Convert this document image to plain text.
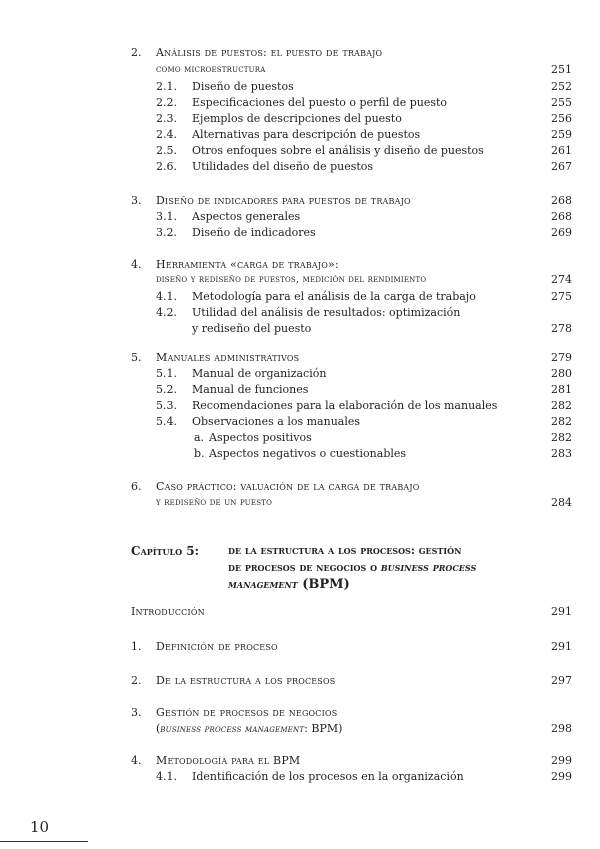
2. Análisis de puestos: el puesto de trabajo
como microestructura	251
2.1. Diseño de puestos	252
2.2. Especificaciones del puesto o perfil de puesto	255
2.3. Ejemplos de descripciones del puesto	256
2.4. Alternativas para descripción de puestos	259
2.5. Otros enfoques sobre el análisis y diseño de puestos	261
2.6. Utilidades del diseño de puestos	267
3. Diseño de indicadores para puestos de trabajo	268
3.1. Aspectos generales	268
3.2. Diseño de indicadores	269
4. Herramienta «carga de trabajo»:
diseño y rediseño de puestos, medición del rendimiento	274
4.1. Metodología para el análisis de la carga de trabajo	275
4.2. Utilidad del análisis de resultados: optimización
y rediseño del puesto	278
5. Manuales administrativos	279
5.1. Manual de organización	280
5.2. Manual de funciones	281
5.3. Recomendaciones para la elaboración de los manuales	282
5.4. Observaciones a los manuales	282
a. Aspectos positivos	282
b. Aspectos negativos o cuestionables	283
6. Caso práctico: valuación de la carga de trabajo
y rediseño de un puesto	284
Capítulo 5:	de la estructura a los procesos: gestión
de procesos de negocios o business process
management (BPM)
Introducción	291
1. Definición de proceso	291
2. De la estructura a los procesos	297
3. Gestión de procesos de negocios
(business process management: BPM)	298
4. Metodología para el BPM	299
4.1. Identificación de los procesos en la organización	299
10
